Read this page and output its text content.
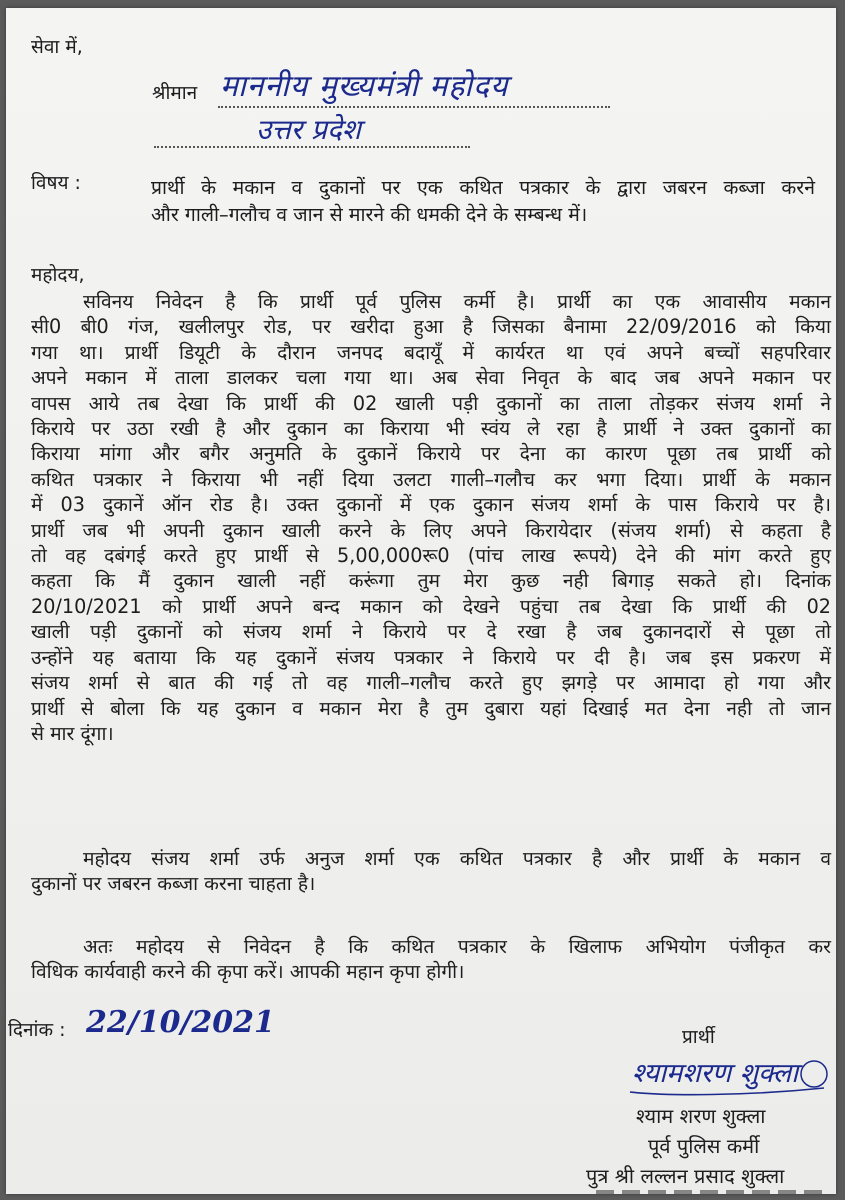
सेवा में,
श्रीमान माननीय मुख्यमंत्री महोदय
उत्तर प्रदेश
विषय :	प्रार्थी के मकान व दुकानों पर एक कथित पत्रकार के द्वारा जबरन कब्जा करने
और गाली–गलौच व जान से मारने की धमकी देने के सम्बन्ध में।
महोदय,
सविनय निवेदन है कि प्रार्थी पूर्व पुलिस कर्मी है। प्रार्थी का एक आवासीय मकान
सी0 बी0 गंज, खलीलपुर रोड, पर खरीदा हुआ है जिसका बैनामा 22/09/2016 को किया
गया था। प्रार्थी डियूटी के दौरान जनपद बदायूँ में कार्यरत था एवं अपने बच्चों सहपरिवार
अपने मकान में ताला डालकर चला गया था। अब सेवा निवृत के बाद जब अपने मकान पर
वापस आये तब देखा कि प्रार्थी की 02 खाली पड़ी दुकानों का ताला तोड़कर संजय शर्मा ने
किराये पर उठा रखी है और दुकान का किराया भी स्वंय ले रहा है प्रार्थी ने उक्त दुकानों का
किराया मांगा और बगैर अनुमति के दुकानें किराये पर देना का कारण पूछा तब प्रार्थी को
कथित पत्रकार ने किराया भी नहीं दिया उलटा गाली–गलौच कर भगा दिया। प्रार्थी के मकान
में 03 दुकानें ऑन रोड है। उक्त दुकानों में एक दुकान संजय शर्मा के पास किराये पर है।
प्रार्थी जब भी अपनी दुकान खाली करने के लिए अपने किरायेदार (संजय शर्मा) से कहता है
तो वह दबंगई करते हुए प्रार्थी से 5,00,000रू0 (पांच लाख रूपये) देने की मांग करते हुए
कहता कि मैं दुकान खाली नहीं करूंगा तुम मेरा कुछ नही बिगाड़ सकते हो। दिनांक
20/10/2021 को प्रार्थी अपने बन्द मकान को देखने पहुंचा तब देखा कि प्रार्थी की 02
खाली पड़ी दुकानों को संजय शर्मा ने किराये पर दे रखा है जब दुकानदारों से पूछा तो
उन्होंने यह बताया कि यह दुकानें संजय पत्रकार ने किराये पर दी है। जब इस प्रकरण में
संजय शर्मा से बात की गई तो वह गाली–गलौच करते हुए झगड़े पर आमादा हो गया और
प्रार्थी से बोला कि यह दुकान व मकान मेरा है तुम दुबारा यहां दिखाई मत देना नही तो जान
से मार दूंगा।
महोदय संजय शर्मा उर्फ अनुज शर्मा एक कथित पत्रकार है और प्रार्थी के मकान व
दुकानों पर जबरन कब्जा करना चाहता है।
अतः महोदय से निवेदन है कि कथित पत्रकार के खिलाफ अभियोग पंजीकृत कर
विधिक कार्यवाही करने की कृपा करें। आपकी महान कृपा होगी।
दिनांक : 22/10/2021	प्रार्थी
श्यामशरण शुक्ला
श्याम शरण शुक्ला
पूर्व पुलिस कर्मी
पुत्र श्री लल्लन प्रसाद शुक्ला
